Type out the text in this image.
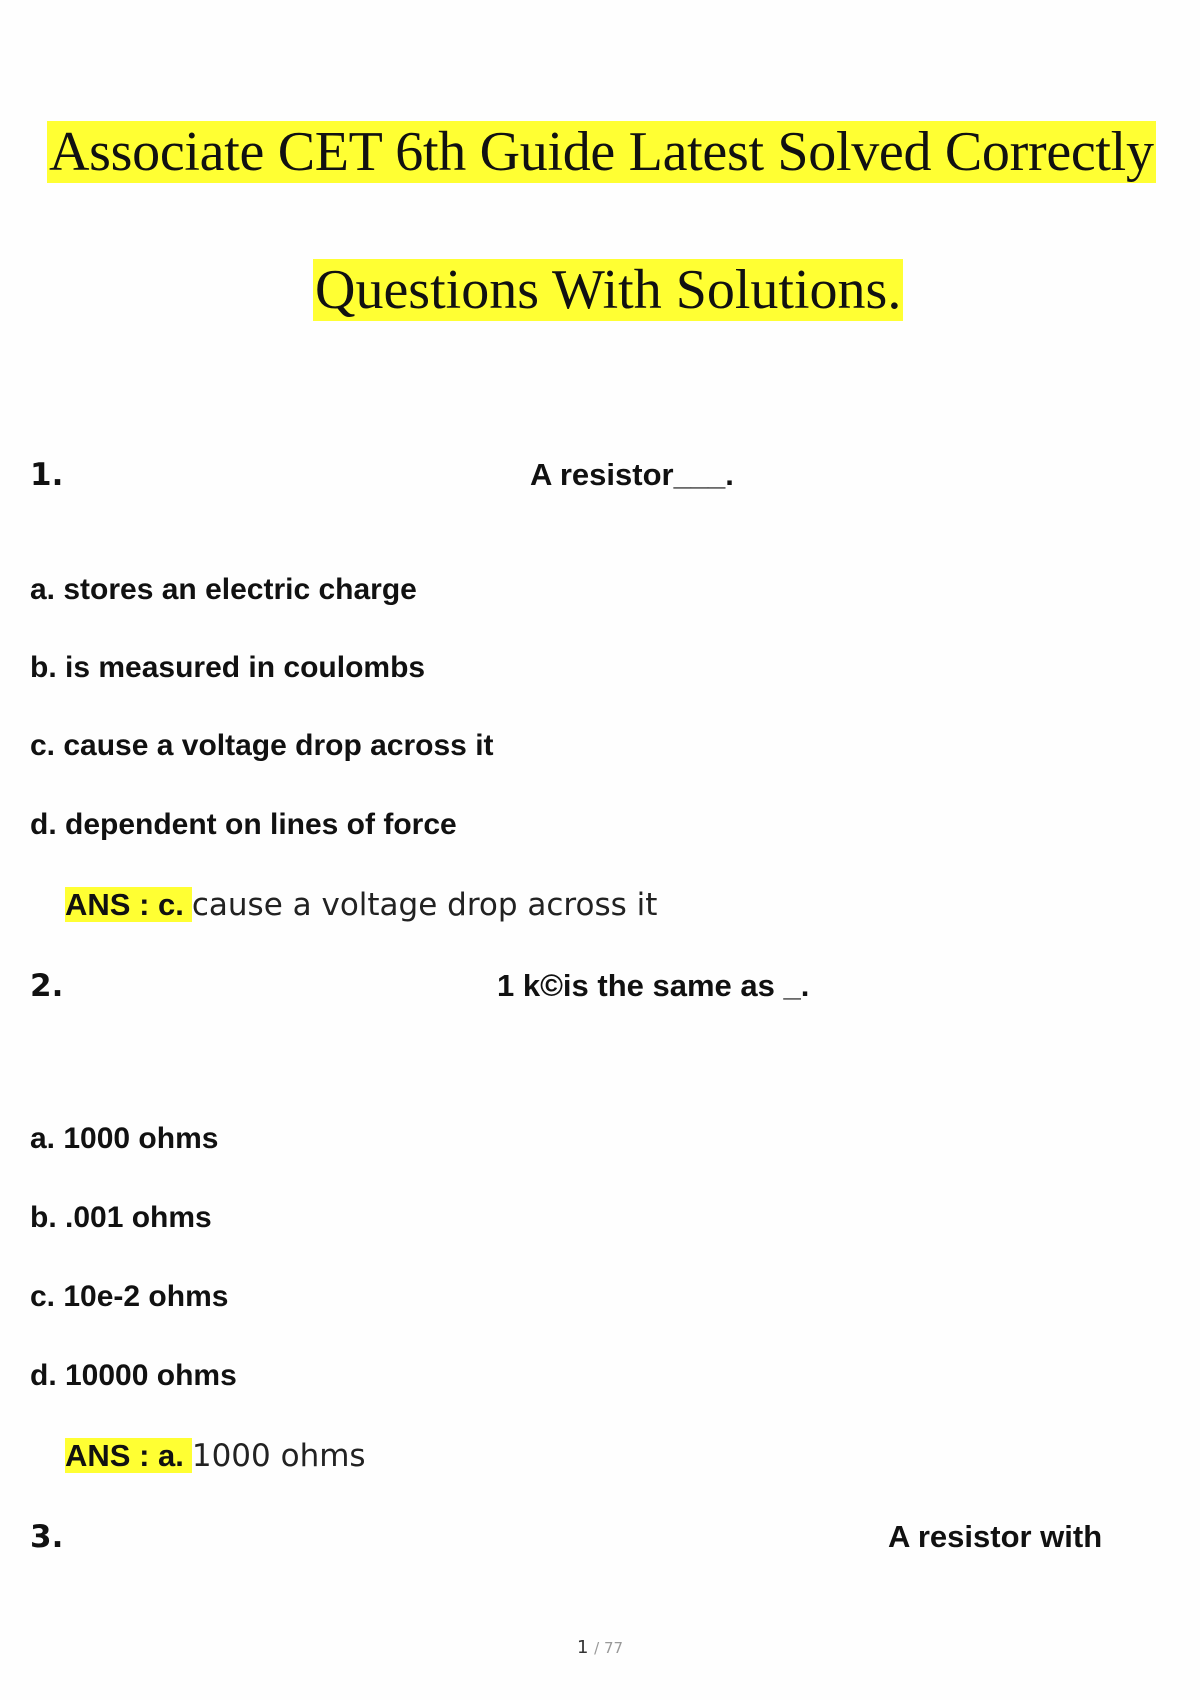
Associate CET 6th Guide Latest Solved Correctly
Questions With Solutions.
1.	A resistor___.
a. stores an electric charge
b. is measured in coulombs
c. cause a voltage drop across it
d. dependent on lines of force
ANS : c. cause a voltage drop across it
2.	1 k©is the same as _.
a. 1000 ohms
b. .001 ohms
c. 10e-2 ohms
d. 10000 ohms
ANS : a. 1000 ohms
3.	A resistor with
1 / 77
